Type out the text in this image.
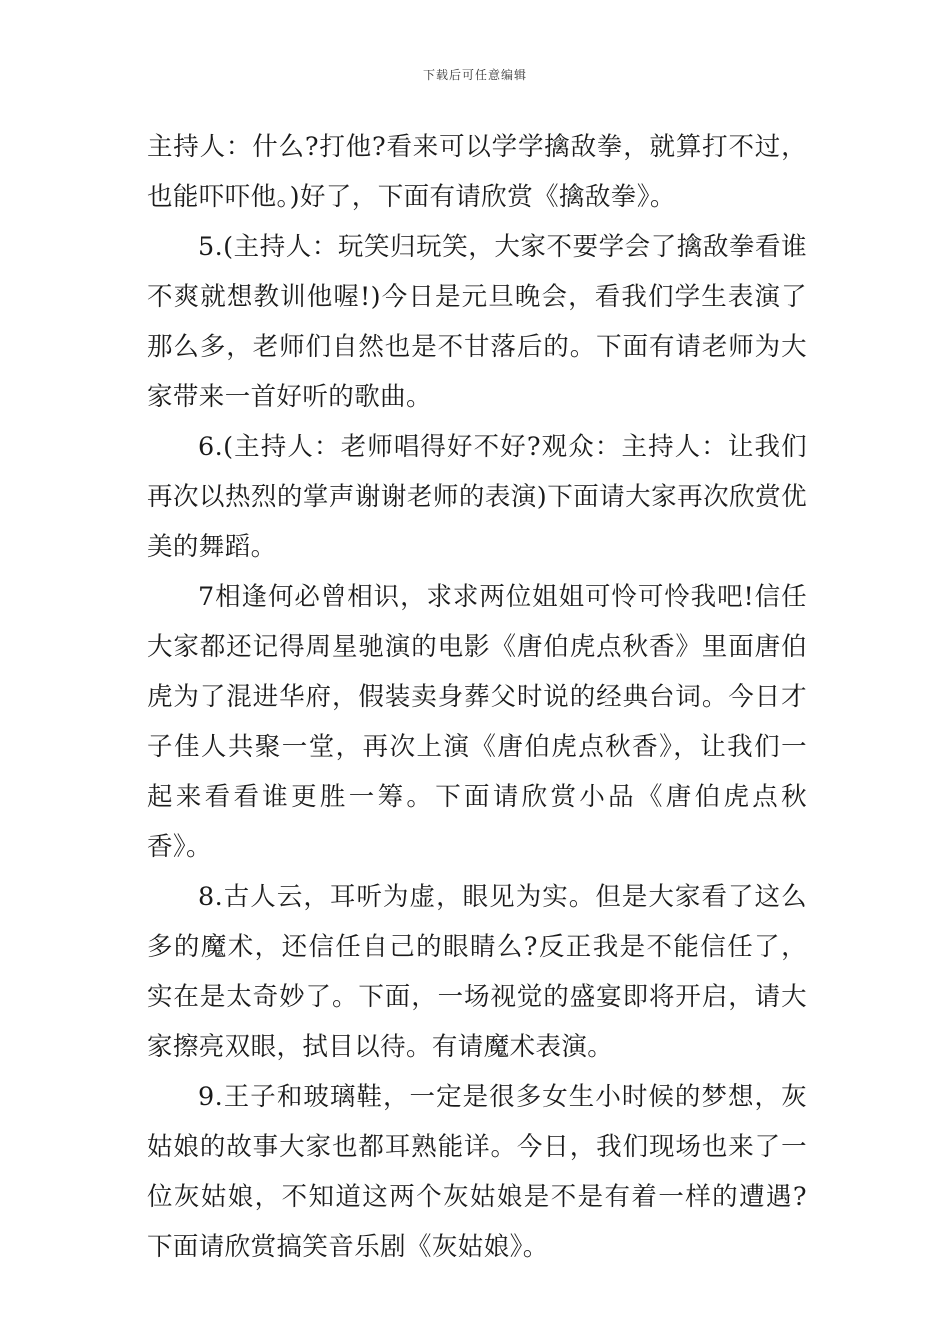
下载后可任意编辑

主持人：什么?打他?看来可以学学擒敌拳，就算打不过，也能吓吓他。)好了，下面有请欣赏《擒敌拳》。

5.(主持人：玩笑归玩笑，大家不要学会了擒敌拳看谁不爽就想教训他喔!)今日是元旦晚会，看我们学生表演了那么多，老师们自然也是不甘落后的。下面有请老师为大家带来一首好听的歌曲。

6.(主持人：老师唱得好不好?观众：主持人：让我们再次以热烈的掌声谢谢老师的表演)下面请大家再次欣赏优美的舞蹈。

7相逢何必曾相识，求求两位姐姐可怜可怜我吧!信任大家都还记得周星驰演的电影《唐伯虎点秋香》里面唐伯虎为了混进华府，假装卖身葬父时说的经典台词。今日才子佳人共聚一堂，再次上演《唐伯虎点秋香》，让我们一起来看看谁更胜一筹。下面请欣赏小品《唐伯虎点秋香》。

8.古人云，耳听为虚，眼见为实。但是大家看了这么多的魔术，还信任自己的眼睛么?反正我是不能信任了，实在是太奇妙了。下面，一场视觉的盛宴即将开启，请大家擦亮双眼，拭目以待。有请魔术表演。

9.王子和玻璃鞋，一定是很多女生小时候的梦想，灰姑娘的故事大家也都耳熟能详。今日，我们现场也来了一位灰姑娘，不知道这两个灰姑娘是不是有着一样的遭遇?下面请欣赏搞笑音乐剧《灰姑娘》。
